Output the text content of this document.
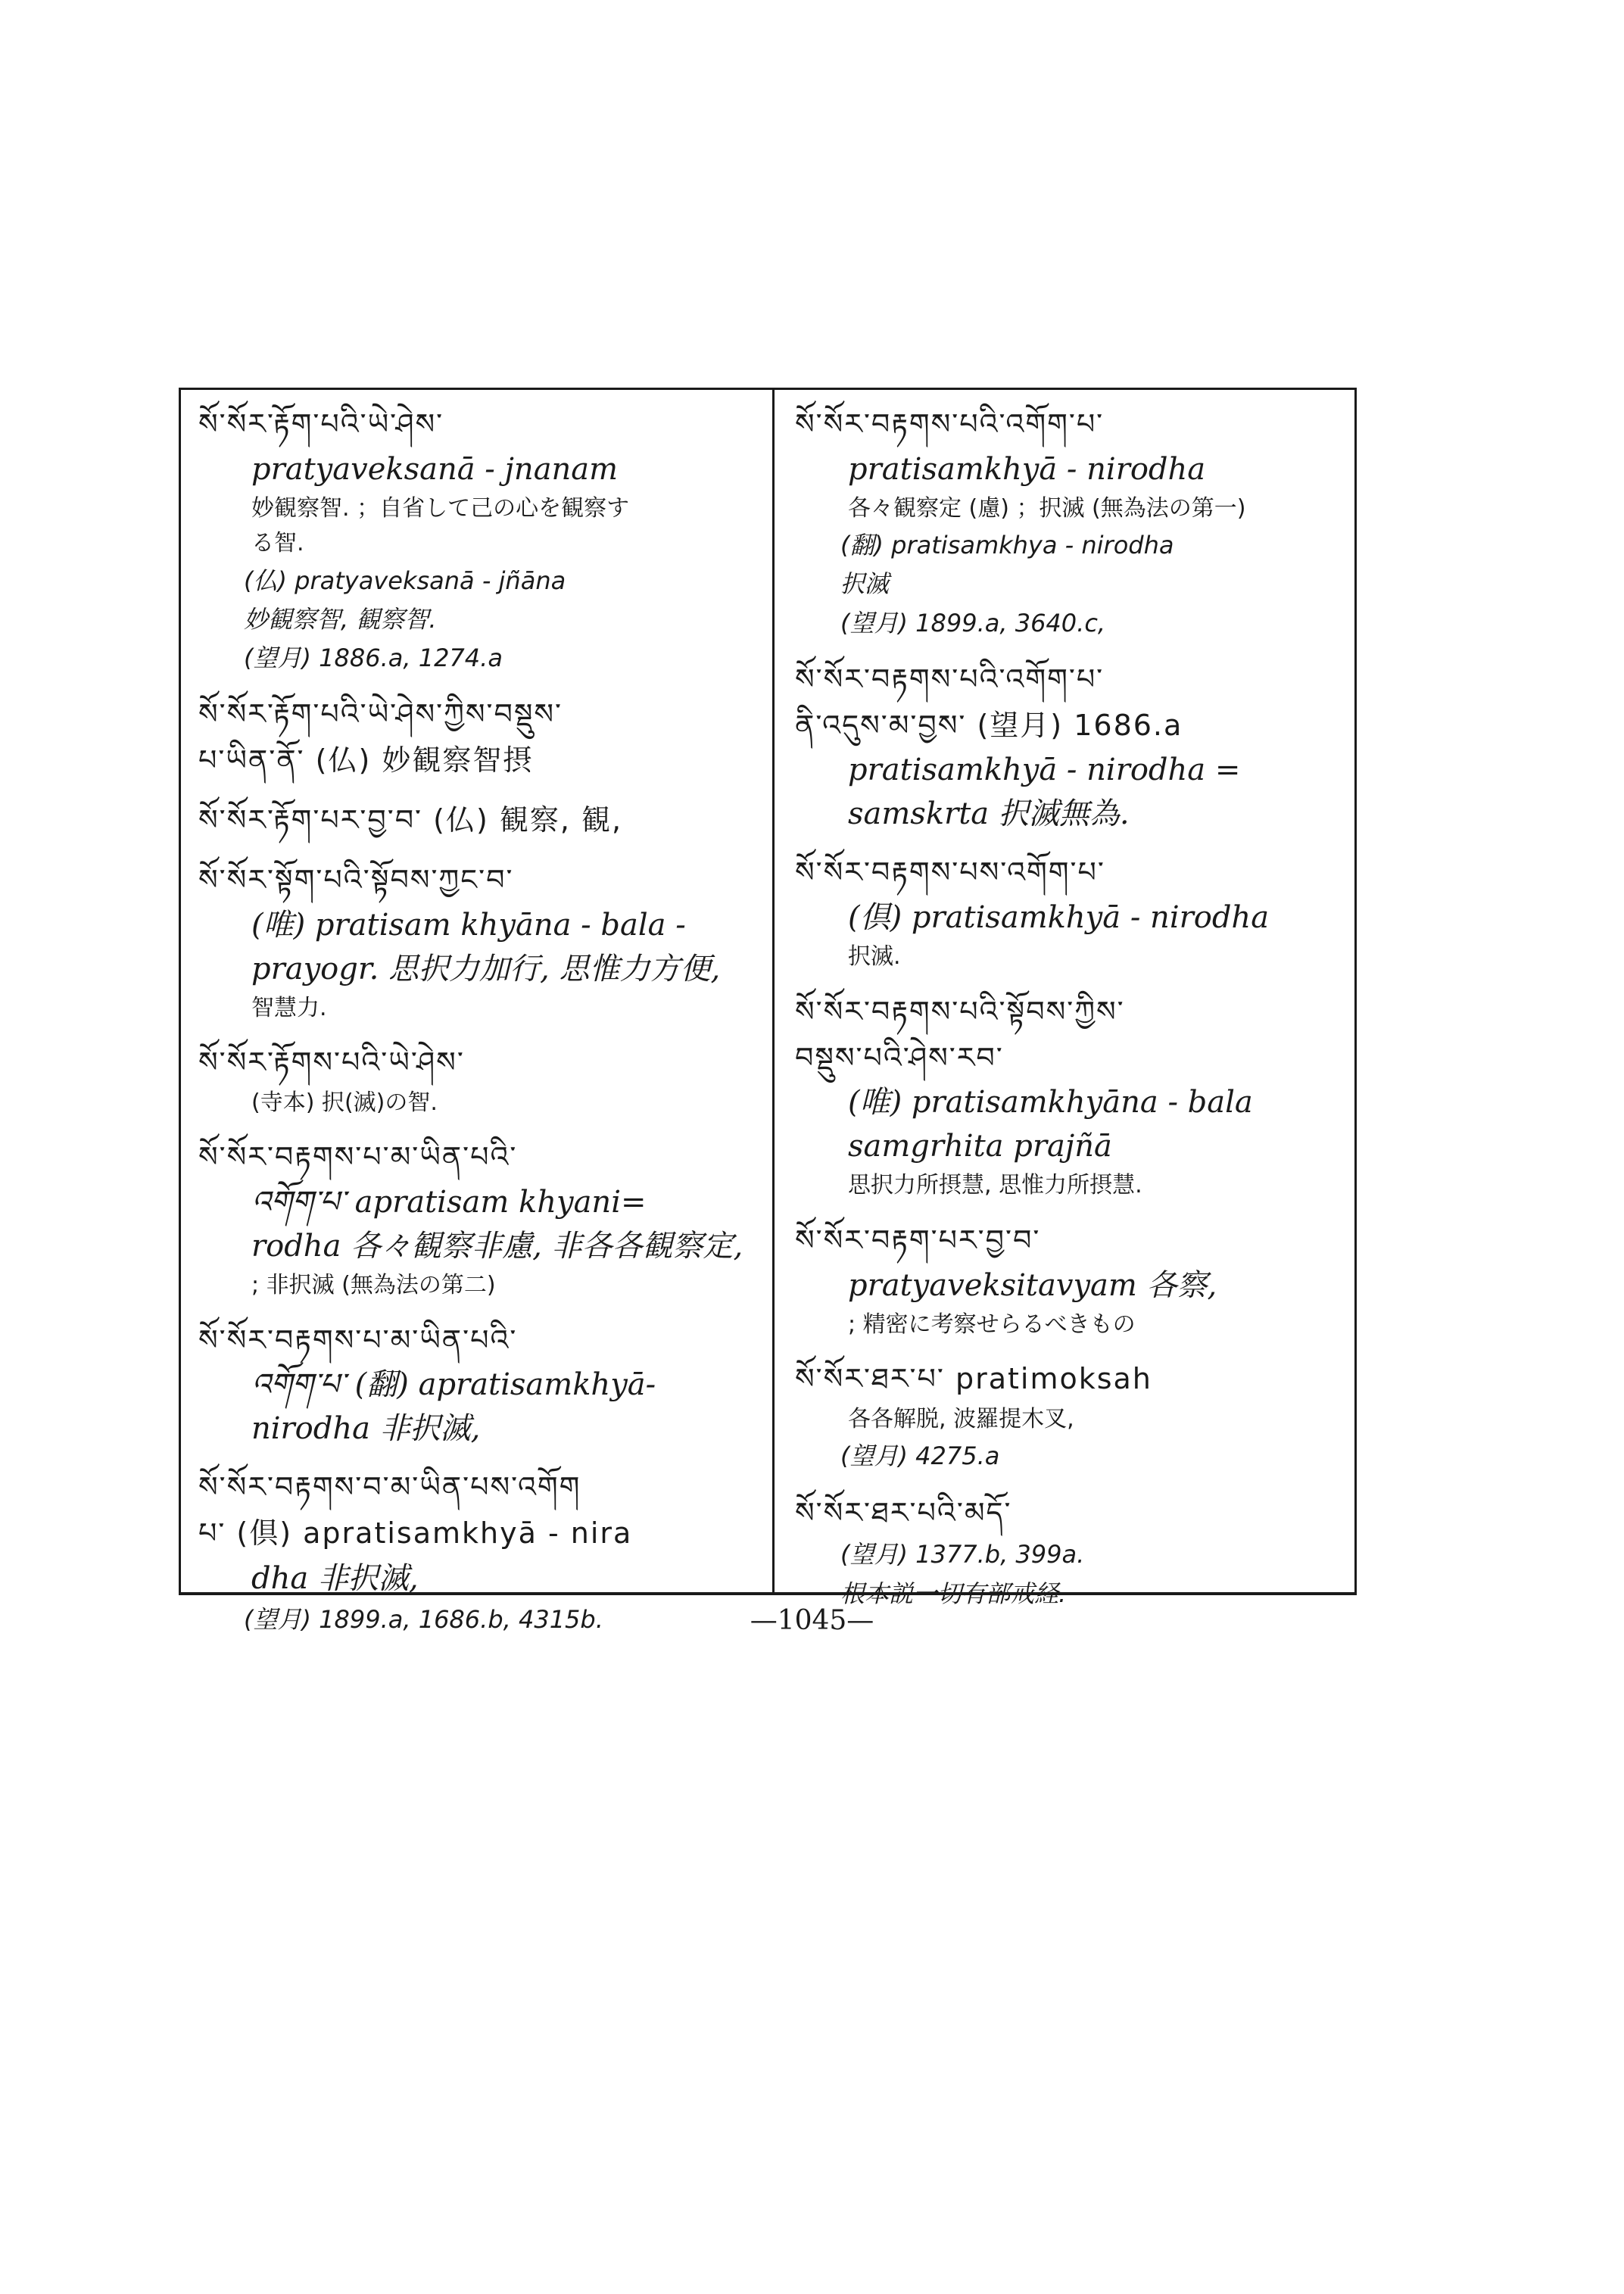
སོ་སོར་རྟོག་པའི་ཡེ་ཤེས་
pratyaveksanā - jnanam
妙観察智. ；自省して己の心を観察す
る智.
(仏) pratyaveksanā - jñāna
妙観察智, 観察智.
(望月) 1886.a, 1274.a
སོ་སོར་རྟོག་པའི་ཡེ་ཤེས་ཀྱིས་བསྡུས་
པ་ཡིན་ནོ་ (仏) 妙観察智摂
སོ་སོར་རྟོག་པར་བྱ་བ་ (仏) 観察, 観,
སོ་སོར་སྟོག་པའི་སྟོབས་ཀྱང་བ་
(唯) pratisam khyāna - bala -
prayogr. 思択力加行, 思惟力方便,
智慧力.
སོ་སོར་རྟོགས་པའི་ཡེ་ཤེས་
(寺本) 択(滅)の智.
སོ་སོར་བརྟགས་པ་མ་ཡིན་པའི་
འགོག་པ་ apratisam khyani=
rodha 各々観察非慮, 非各各観察定,
; 非択滅 (無為法の第二)
སོ་སོར་བརྟགས་པ་མ་ཡིན་པའི་
འགོག་པ་ (翻) apratisamkhyā-
nirodha 非択滅,
སོ་སོར་བརྟགས་བ་མ་ཡིན་པས་འགོག
པ་ (倶) apratisamkhyā - nira
dha 非択滅,
(望月) 1899.a, 1686.b, 4315b.
སོ་སོར་བརྟགས་པའི་འགོག་པ་
pratisamkhyā - nirodha
各々観察定 (慮) ；択滅 (無為法の第一)
(翻) pratisamkhya - nirodha
択滅
(望月) 1899.a, 3640.c,
སོ་སོར་བརྟགས་པའི་འགོག་པ་
ནི་འདུས་མ་བྱས་ (望月) 1686.a
pratisamkhyā - nirodha =
samskrta 択滅無為.
སོ་སོར་བརྟགས་པས་འགོག་པ་
(倶) pratisamkhyā - nirodha
択滅.
སོ་སོར་བརྟགས་པའི་སྟོབས་ཀྱིས་
བསྡུས་པའི་ཤེས་རབ་
(唯) pratisamkhyāna - bala
samgrhita prajñā
思択力所摂慧, 思惟力所摂慧.
སོ་སོར་བརྟག་པར་བྱ་བ་
pratyaveksitavyam 各察,
; 精密に考察せらるべきもの
སོ་སོར་ཐར་པ་ pratimoksah
各各解脱, 波羅提木叉,
(望月) 4275.a
སོ་སོར་ཐར་པའི་མདོ་
(望月) 1377.b, 399a.
根本説一切有部戒経.
—1045—
